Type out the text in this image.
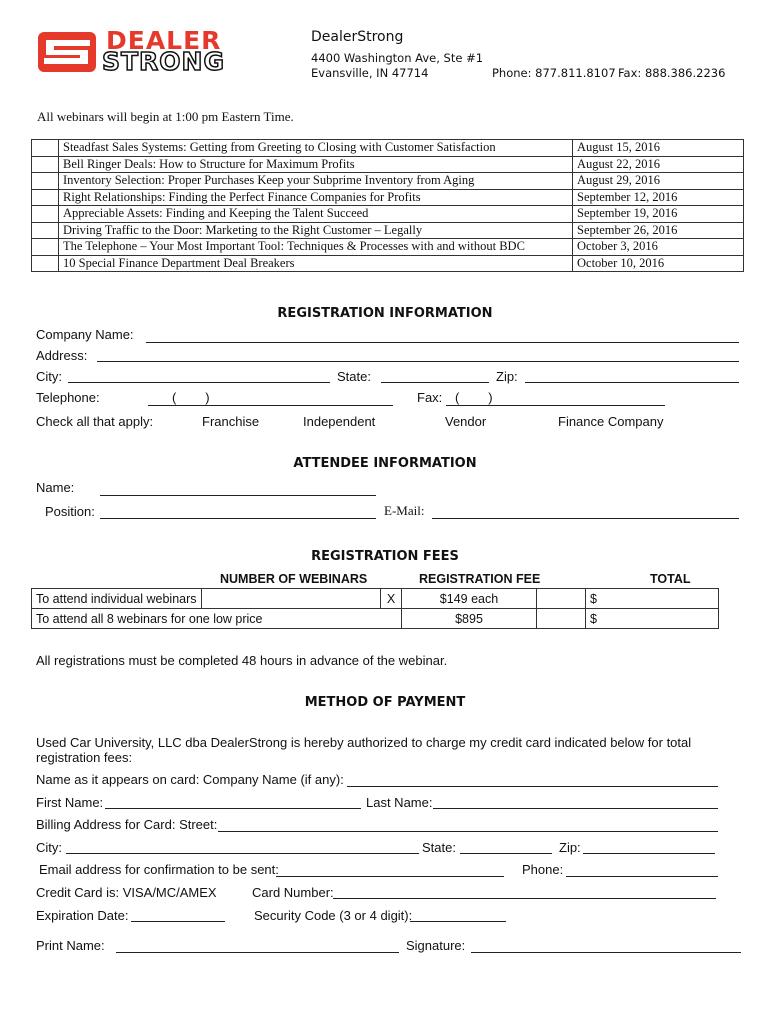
DEALER
STRONG
DealerStrong
4400 Washington Ave, Ste #1
Evansville, IN 47714	Phone: 877.811.8107 Fax: 888.386.2236
All webinars will begin at 1:00 pm Eastern Time.
	Steadfast Sales Systems: Getting from Greeting to Closing with Customer Satisfaction	August 15, 2016
	Bell Ringer Deals: How to Structure for Maximum Profits	August 22, 2016
	Inventory Selection: Proper Purchases Keep your Subprime Inventory from Aging	August 29, 2016
	Right Relationships: Finding the Perfect Finance Companies for Profits	September 12, 2016
	Appreciable Assets: Finding and Keeping the Talent Succeed	September 19, 2016
	Driving Traffic to the Door: Marketing to the Right Customer – Legally	September 26, 2016
	The Telephone – Your Most Important Tool: Techniques & Processes with and without BDC	October 3, 2016
	10 Special Finance Department Deal Breakers	October 10, 2016
REGISTRATION INFORMATION
Company Name:
Address:
City:	State:	Zip:
Telephone:	(        )	Fax: (        )
Check all that apply:	Franchise	Independent	Vendor	Finance Company
ATTENDEE INFORMATION
Name:
Position:	E-Mail:
REGISTRATION FEES
NUMBER OF WEBINARS	REGISTRATION FEE	TOTAL
To attend individual webinars		X	$149 each		$
To attend all 8 webinars for one low price			$895		$
All registrations must be completed 48 hours in advance of the webinar.
METHOD OF PAYMENT
Used Car University, LLC dba DealerStrong is hereby authorized to charge my credit card indicated below for total registration fees:
Name as it appears on card: Company Name (if any):
First Name:	Last Name:
Billing Address for Card: Street:
City:	State:	Zip:
Email address for confirmation to be sent:	Phone:
Credit Card is: VISA/MC/AMEX	Card Number:
Expiration Date:	Security Code (3 or 4 digit):
Print Name:	Signature:
